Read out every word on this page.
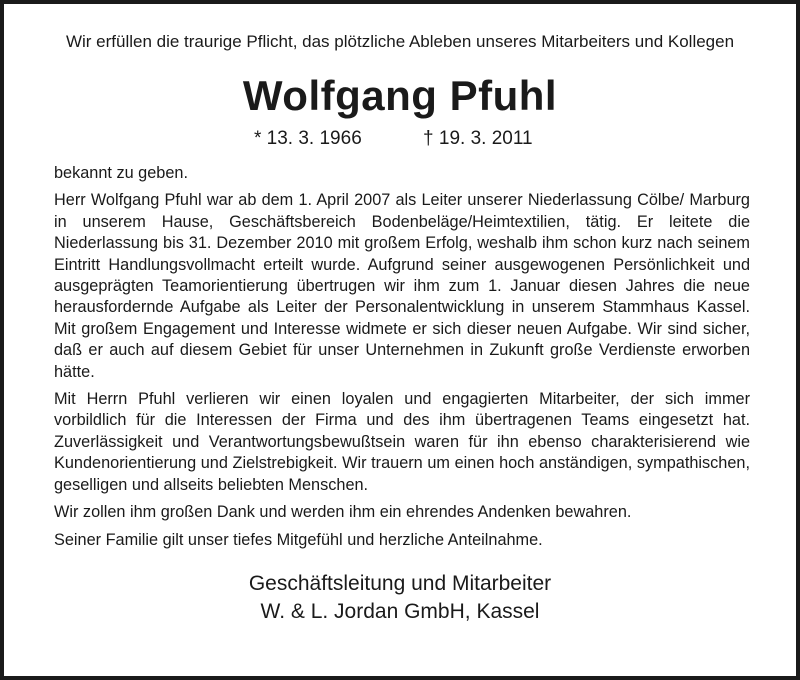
Wir erfüllen die traurige Pflicht, das plötzliche Ableben unseres Mitarbeiters und Kollegen
Wolfgang Pfuhl
* 13. 3. 1966	† 19. 3. 2011

bekannt zu geben.

Herr Wolfgang Pfuhl war ab dem 1. April 2007 als Leiter unserer Niederlassung Cölbe/ Marburg in unserem Hause, Geschäftsbereich Bodenbeläge/Heimtextilien, tätig. Er leitete die Niederlassung bis 31. Dezember 2010 mit großem Erfolg, weshalb ihm schon kurz nach seinem Eintritt Handlungsvollmacht erteilt wurde. Aufgrund seiner ausgewogenen Persönlichkeit und ausgeprägten Teamorientierung übertrugen wir ihm zum 1. Januar diesen Jahres die neue herausfordernde Aufgabe als Leiter der Personalentwicklung in unserem Stammhaus Kassel. Mit großem Engagement und Interesse widmete er sich dieser neuen Aufgabe. Wir sind sicher, daß er auch auf diesem Gebiet für unser Unternehmen in Zukunft große Verdienste erworben hätte.

Mit Herrn Pfuhl verlieren wir einen loyalen und engagierten Mitarbeiter, der sich immer vorbildlich für die Interessen der Firma und des ihm übertragenen Teams eingesetzt hat. Zuverlässigkeit und Verantwortungsbewußtsein waren für ihn ebenso charakterisierend wie Kundenorientierung und Zielstrebigkeit. Wir trauern um einen hoch anständigen, sympathischen, geselligen und allseits beliebten Menschen.

Wir zollen ihm großen Dank und werden ihm ein ehrendes Andenken bewahren.

Seiner Familie gilt unser tiefes Mitgefühl und herzliche Anteilnahme.

Geschäftsleitung und Mitarbeiter
W. & L. Jordan GmbH, Kassel
